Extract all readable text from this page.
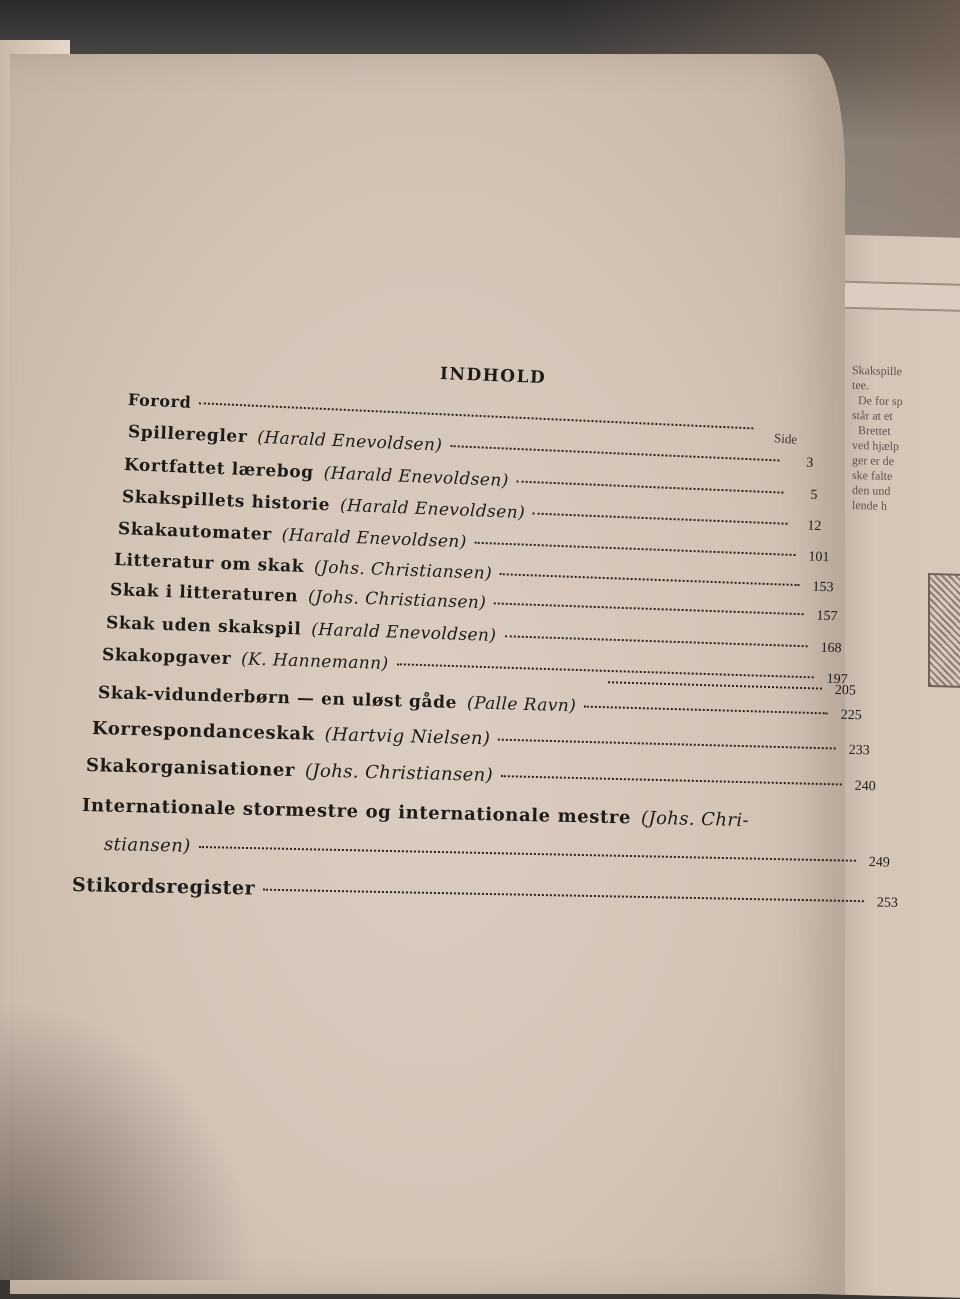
Skakspille
tee.
De for sp
står at et
Brettet
ved hjælp
ger er de
ske falte
den und
lende h
INDHOLD
Side
Forord
Spilleregler (Harald Enevoldsen)
3
Kortfattet lærebog (Harald Enevoldsen)
5
Skakspillets historie (Harald Enevoldsen)
12
Skakautomater (Harald Enevoldsen)
101
Litteratur om skak (Johs. Christiansen)
153
Skak i litteraturen (Johs. Christiansen)
157
Skak uden skakspil (Harald Enevoldsen)
168
Skakopgaver (K. Hannemann)
197
205
Skak-vidunderbørn — en uløst gåde (Palle Ravn)	225
Korrespondanceskak (Hartvig Nielsen)
233
Skakorganisationer (Johs. Christiansen)
240
Internationale stormestre og internationale mestre (Johs. Chri-
stiansen)
249
Stikordsregister
253
